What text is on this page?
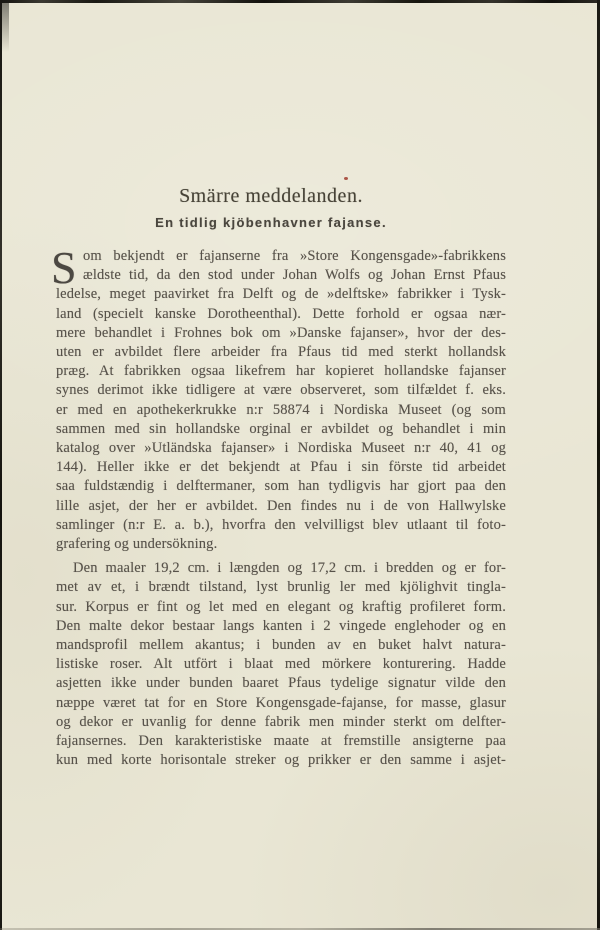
Smärre meddelanden.
En tidlig kjöbenhavner fajanse.
S om bekjendt er fajanserne fra »Store Kongensgade»-fabrikkens
ældste tid, da den stod under Johan Wolfs og Johan Ernst Pfaus
ledelse, meget paavirket fra Delft og de »delftske» fabrikker i Tysk-
land (specielt kanske Dorotheenthal). Dette forhold er ogsaa nær-
mere behandlet i Frohnes bok om »Danske fajanser», hvor der des-
uten er avbildet flere arbeider fra Pfaus tid med sterkt hollandsk
præg. At fabrikken ogsaa likefrem har kopieret hollandske fajanser
synes derimot ikke tidligere at være observeret, som tilfældet f. eks.
er med en apothekerkrukke n:r 58874 i Nordiska Museet (og som
sammen med sin hollandske orginal er avbildet og behandlet i min
katalog over »Utländska fajanser» i Nordiska Museet n:r 40, 41 og
144). Heller ikke er det bekjendt at Pfau i sin förste tid arbeidet
saa fuldstændig i delftermaner, som han tydligvis har gjort paa den
lille asjet, der her er avbildet. Den findes nu i de von Hallwylske
samlinger (n:r E. a. b.), hvorfra den velvilligst blev utlaant til foto-
grafering og undersökning.
Den maaler 19,2 cm. i længden og 17,2 cm. i bredden og er for-
met av et, i brændt tilstand, lyst brunlig ler med kjölighvit tingla-
sur. Korpus er fint og let med en elegant og kraftig profileret form.
Den malte dekor bestaar langs kanten i 2 vingede englehoder og en
mandsprofil mellem akantus; i bunden av en buket halvt natura-
listiske roser. Alt utfört i blaat med mörkere konturering. Hadde
asjetten ikke under bunden baaret Pfaus tydelige signatur vilde den
næppe været tat for en Store Kongensgade-fajanse, for masse, glasur
og dekor er uvanlig for denne fabrik men minder sterkt om delfter-
fajansernes. Den karakteristiske maate at fremstille ansigterne paa
kun med korte horisontale streker og prikker er den samme i asjet-
